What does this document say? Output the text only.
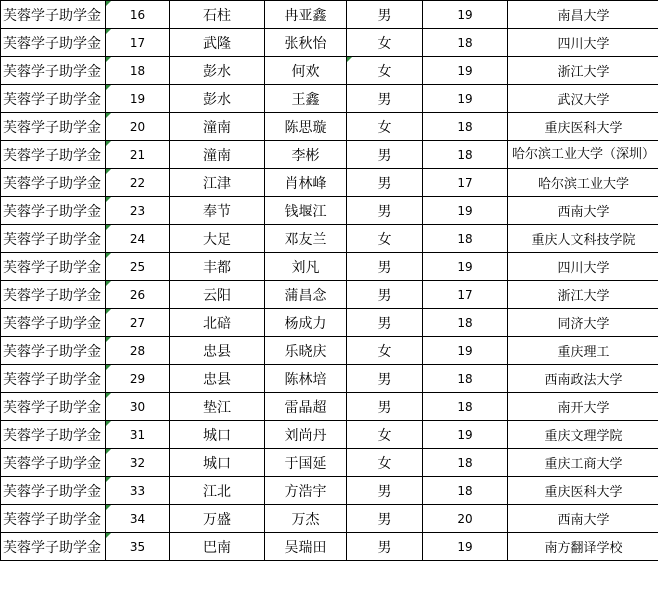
芙蓉学子助学金	16	石柱	冉亚鑫	男	19	南昌大学
芙蓉学子助学金	17	武隆	张秋怡	女	18	四川大学
芙蓉学子助学金	18	彭水	何欢	女	19	浙江大学
芙蓉学子助学金	19	彭水	王鑫	男	19	武汉大学
芙蓉学子助学金	20	潼南	陈思璇	女	18	重庆医科大学
芙蓉学子助学金	21	潼南	李彬	男	18	哈尔滨工业大学（深圳）
芙蓉学子助学金	22	江津	肖林峰	男	17	哈尔滨工业大学
芙蓉学子助学金	23	奉节	钱堰江	男	19	西南大学
芙蓉学子助学金	24	大足	邓友兰	女	18	重庆人文科技学院
芙蓉学子助学金	25	丰都	刘凡	男	19	四川大学
芙蓉学子助学金	26	云阳	蒲昌念	男	17	浙江大学
芙蓉学子助学金	27	北碚	杨成力	男	18	同济大学
芙蓉学子助学金	28	忠县	乐晓庆	女	19	重庆理工
芙蓉学子助学金	29	忠县	陈林培	男	18	西南政法大学
芙蓉学子助学金	30	垫江	雷晶超	男	18	南开大学
芙蓉学子助学金	31	城口	刘尚丹	女	19	重庆文理学院
芙蓉学子助学金	32	城口	于国延	女	18	重庆工商大学
芙蓉学子助学金	33	江北	方浩宇	男	18	重庆医科大学
芙蓉学子助学金	34	万盛	万杰	男	20	西南大学
芙蓉学子助学金	35	巴南	吴瑞田	男	19	南方翻译学校
